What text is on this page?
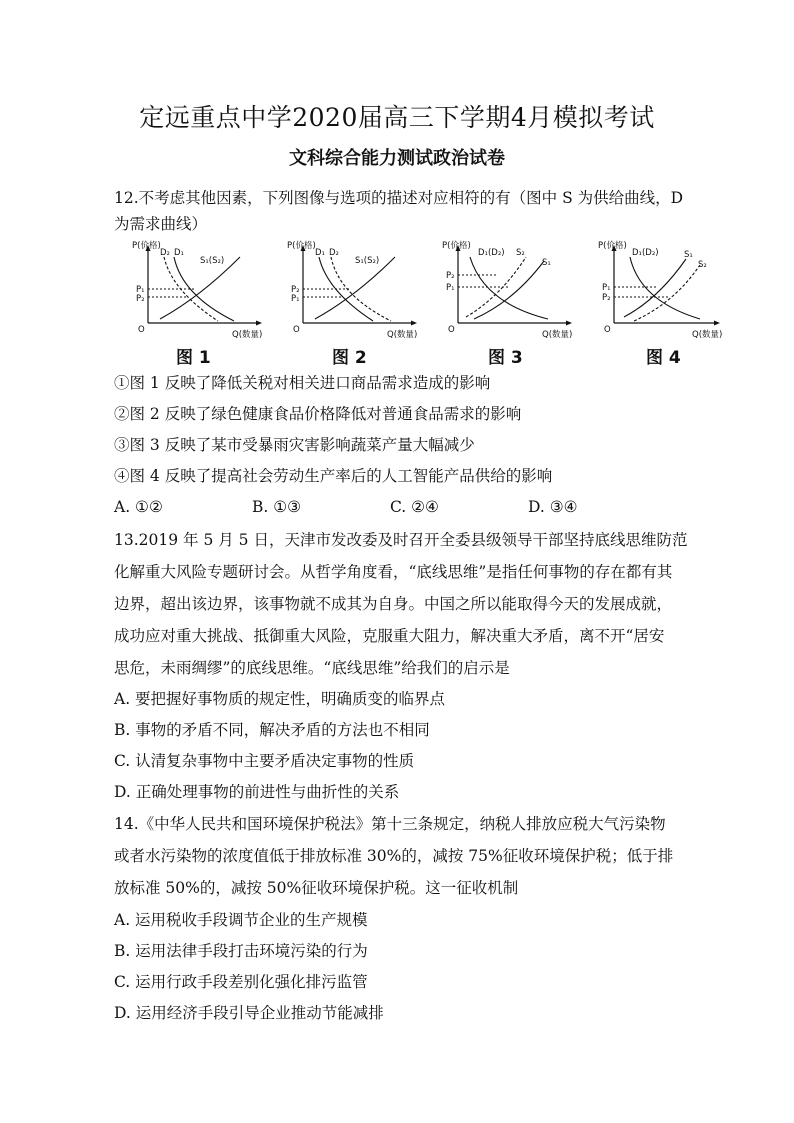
定远重点中学2020届高三下学期4月模拟考试
文科综合能力测试政治试卷
12.不考虑其他因素，下列图像与选项的描述对应相符的有（图中 S 为供给曲线，D
为需求曲线）
P(价格)
Q(数量)
O
D₂ D₁
S₁(S₂)
P₁
P₂
图 1
P(价格)
Q(数量)
O
D₁ D₂
S₁(S₂)
P₂
P₁
图 2
P(价格)
Q(数量)
O
D₁(D₂) S₂
S₁
P₂
P₁
图 3
P(价格)
Q(数量)
O
D₁(D₂)	S₁
S₂
P₁
P₂
图 4
①图 1 反映了降低关税对相关进口商品需求造成的影响
②图 2 反映了绿色健康食品价格降低对普通食品需求的影响
③图 3 反映了某市受暴雨灾害影响蔬菜产量大幅减少
④图 4 反映了提高社会劳动生产率后的人工智能产品供给的影响
A. ①②	B. ①③	C. ②④	D. ③④
13.2019 年 5 月 5 日，天津市发改委及时召开全委县级领导干部坚持底线思维防范
化解重大风险专题研讨会。从哲学角度看，“底线思维”是指任何事物的存在都有其
边界，超出该边界，该事物就不成其为自身。中国之所以能取得今天的发展成就，
成功应对重大挑战、抵御重大风险，克服重大阻力，解决重大矛盾，离不开“居安
思危，未雨绸缪”的底线思维。“底线思维”给我们的启示是
A. 要把握好事物质的规定性，明确质变的临界点
B. 事物的矛盾不同，解决矛盾的方法也不相同
C. 认清复杂事物中主要矛盾决定事物的性质
D. 正确处理事物的前进性与曲折性的关系
14.《中华人民共和国环境保护税法》第十三条规定，纳税人排放应税大气污染物
或者水污染物的浓度值低于排放标准 30%的，减按 75%征收环境保护税；低于排
放标准 50%的，减按 50%征收环境保护税。这一征收机制
A. 运用税收手段调节企业的生产规模
B. 运用法律手段打击环境污染的行为
C. 运用行政手段差别化强化排污监管
D. 运用经济手段引导企业推动节能减排
